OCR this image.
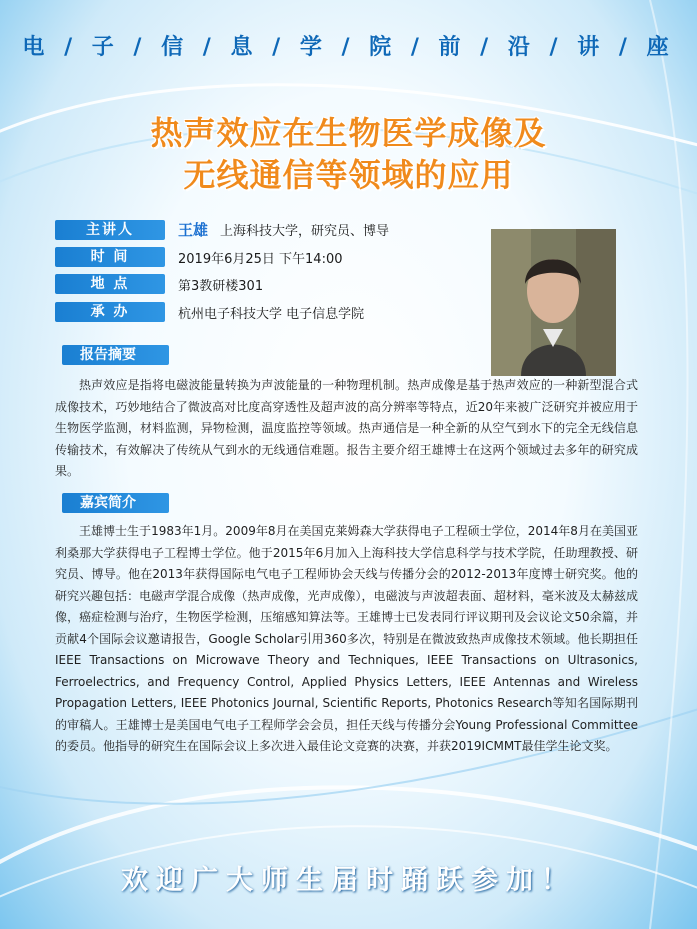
电 / 子 / 信 / 息 / 学 / 院 / 前 / 沿 / 讲 / 座
热声效应在生物医学成像及
无线通信等领域的应用
主讲人	王雄 上海科技大学，研究员、博导
时 间	2019年6月25日 下午14:00
地 点	第3教研楼301
承 办	杭州电子科技大学 电子信息学院
报告摘要
热声效应是指将电磁波能量转换为声波能量的一种物理机制。热声成像是基于热声效应的一种新型混合式成像技术，巧妙地结合了微波高对比度高穿透性及超声波的高分辨率等特点，近20年来被广泛研究并被应用于生物医学监测，材料监测，异物检测，温度监控等领域。热声通信是一种全新的从空气到水下的完全无线信息传输技术，有效解决了传统从气到水的无线通信难题。报告主要介绍王雄博士在这两个领域过去多年的研究成果。
嘉宾简介
王雄博士生于1983年1月。2009年8月在美国克莱姆森大学获得电子工程硕士学位，2014年8月在美国亚利桑那大学获得电子工程博士学位。他于2015年6月加入上海科技大学信息科学与技术学院，任助理教授、研究员、博导。他在2013年获得国际电气电子工程师协会天线与传播分会的2012-2013年度博士研究奖。他的研究兴趣包括：电磁声学混合成像（热声成像，光声成像），电磁波与声波超表面、超材料，毫米波及太赫兹成像，癌症检测与治疗，生物医学检测，压缩感知算法等。王雄博士已发表同行评议期刊及会议论文50余篇，并贡献4个国际会议邀请报告，Google Scholar引用360多次，特别是在微波致热声成像技术领域。他长期担任IEEE Transactions on Microwave Theory and Techniques, IEEE Transactions on Ultrasonics, Ferroelectrics, and Frequency Control, Applied Physics Letters, IEEE Antennas and Wireless Propagation Letters, IEEE Photonics Journal, Scientific Reports, Photonics Research等知名国际期刊的审稿人。王雄博士是美国电气电子工程师学会会员，担任天线与传播分会Young Professional Committee的委员。他指导的研究生在国际会议上多次进入最佳论文竞赛的决赛，并获2019ICMMT最佳学生论文奖。
欢迎广大师生届时踊跃参加！
